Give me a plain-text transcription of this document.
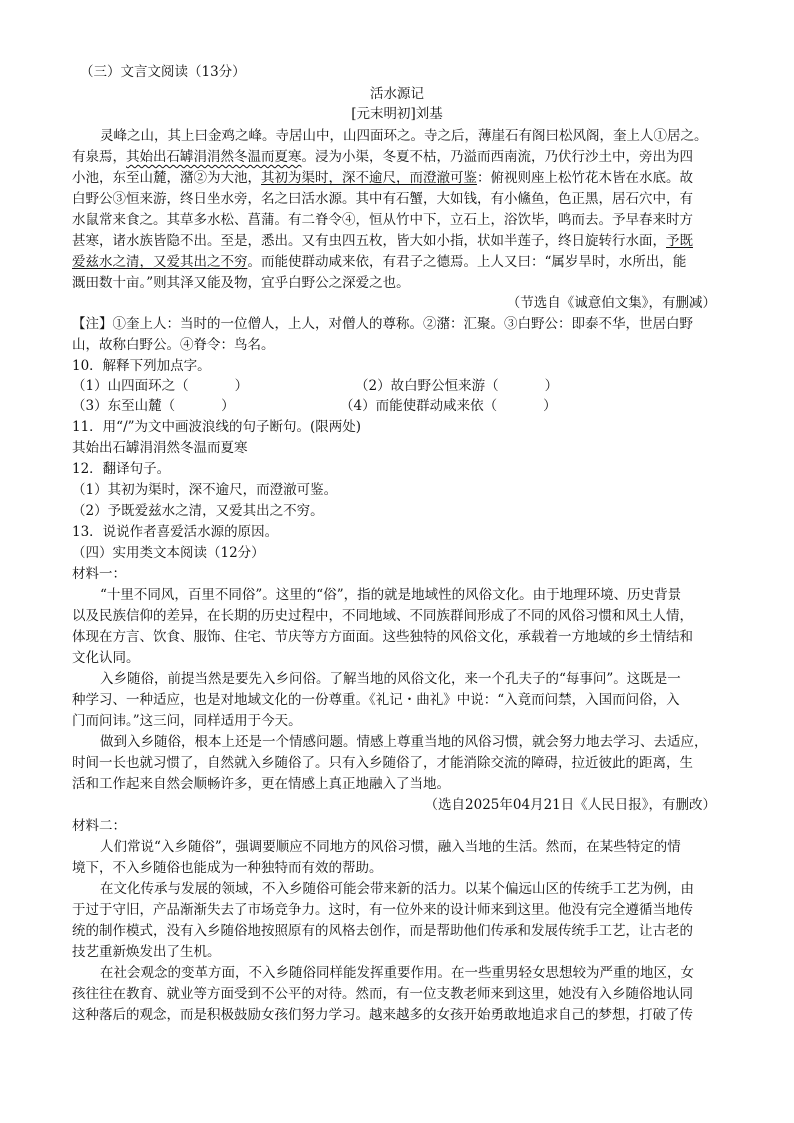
（三）文言文阅读（13分）
活水源记
[元末明初]刘基
灵峰之山，其上曰金鸡之峰。寺居山中，山四面环之。寺之后，薄崖石有阁曰松风阁，奎上人①居之。
有泉焉，其始出石罅涓涓然冬温而夏寒。浸为小渠，冬夏不枯，乃溢而西南流，乃伏行沙土中，旁出为四
小池，东至山麓，潴②为大池，其初为渠时，深不逾尺，而澄澈可鉴：俯视则座上松竹花木皆在水底。故
白野公③恒来游，终日坐水旁，名之曰活水源。其中有石蟹，大如钱，有小鯈鱼，色正黑，居石穴中，有
水鼠常来食之。其草多水松、菖蒲。有二脊令④，恒从竹中下，立石上，浴饮毕，鸣而去。予早春来时方
甚寒，诸水族皆隐不出。至是，悉出。又有虫四五枚，皆大如小指，状如半莲子，终日旋转行水面，予既
爱兹水之清，又爱其出之不穷。而能使群动咸来依，有君子之德焉。上人又曰：“属岁旱时，水所出，能
溉田数十亩。”则其泽又能及物，宜乎白野公之深爱之也。
（节选自《诚意伯文集》，有删减）
【注】①奎上人：当时的一位僧人，上人，对僧人的尊称。②潴：汇聚。③白野公：即泰不华，世居白野
山，故称白野公。④脊令：鸟名。
10．解释下列加点字。
（1）山四面环之（	）	（2）故白野公恒来游（	）
（3）东至山麓（	）	（4）而能使群动咸来依（	）
11．用“/”为文中画波浪线的句子断句。(限两处)
其始出石罅涓涓然冬温而夏寒
12．翻译句子。
（1）其初为渠时，深不逾尺，而澄澈可鉴。
（2）予既爱兹水之清，又爱其出之不穷。
13．说说作者喜爱活水源的原因。
（四）实用类文本阅读（12分）
材料一：
“十里不同风，百里不同俗”。这里的“俗”，指的就是地域性的风俗文化。由于地理环境、历史背景
以及民族信仰的差异，在长期的历史过程中，不同地域、不同族群间形成了不同的风俗习惯和风土人情，
体现在方言、饮食、服饰、住宅、节庆等方方面面。这些独特的风俗文化，承载着一方地域的乡土情结和
文化认同。
入乡随俗，前提当然是要先入乡问俗。了解当地的风俗文化，来一个孔夫子的“每事问”。这既是一
种学习、一种适应，也是对地域文化的一份尊重。《礼记・曲礼》中说：“入竟而问禁，入国而问俗，入
门而问讳。”这三问，同样适用于今天。
做到入乡随俗，根本上还是一个情感问题。情感上尊重当地的风俗习惯，就会努力地去学习、去适应，
时间一长也就习惯了，自然就入乡随俗了。只有入乡随俗了，才能消除交流的障碍，拉近彼此的距离，生
活和工作起来自然会顺畅许多，更在情感上真正地融入了当地。
（选自2025年04月21日《人民日报》，有删改）
材料二：
人们常说“入乡随俗”，强调要顺应不同地方的风俗习惯，融入当地的生活。然而，在某些特定的情
境下，不入乡随俗也能成为一种独特而有效的帮助。
在文化传承与发展的领域，不入乡随俗可能会带来新的活力。以某个偏远山区的传统手工艺为例，由
于过于守旧，产品渐渐失去了市场竞争力。这时，有一位外来的设计师来到这里。他没有完全遵循当地传
统的制作模式，没有入乡随俗地按照原有的风格去创作，而是帮助他们传承和发展传统手工艺，让古老的
技艺重新焕发出了生机。
在社会观念的变革方面，不入乡随俗同样能发挥重要作用。在一些重男轻女思想较为严重的地区，女
孩往往在教育、就业等方面受到不公平的对待。然而，有一位支教老师来到这里，她没有入乡随俗地认同
这种落后的观念，而是积极鼓励女孩们努力学习。越来越多的女孩开始勇敢地追求自己的梦想，打破了传
